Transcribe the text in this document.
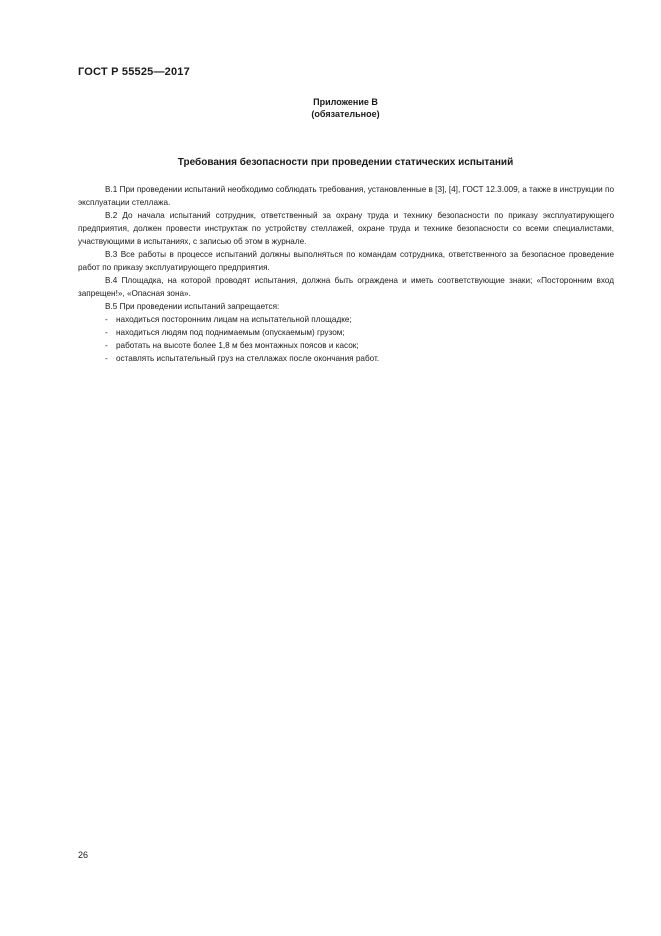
ГОСТ Р 55525—2017

Приложение В
(обязательное)
Требования безопасности при проведении статических испытаний

В.1 При проведении испытаний необходимо соблюдать требования, установленные в [3], [4], ГОСТ 12.3.009, а также в инструкции по эксплуатации стеллажа.

В.2 До начала испытаний сотрудник, ответственный за охрану труда и технику безопасности по приказу эксплуатирующего предприятия, должен провести инструктаж по устройству стеллажей, охране труда и технике безопасности со всеми специалистами, участвующими в испытаниях, с записью об этом в журнале.

В.3 Все работы в процессе испытаний должны выполняться по командам сотрудника, ответственного за безопасное проведение работ по приказу эксплуатирующего предприятия.

В.4 Площадка, на которой проводят испытания, должна быть ограждена и иметь соответствующие знаки; «Посторонним вход запрещен!», «Опасная зона».

В.5 При проведении испытаний запрещается:

- находиться посторонним лицам на испытательной площадке;
- находиться людям под поднимаемым (опускаемым) грузом;
- работать на высоте более 1,8 м без монтажных поясов и касок;
- оставлять испытательный груз на стеллажах после окончания работ.

26
